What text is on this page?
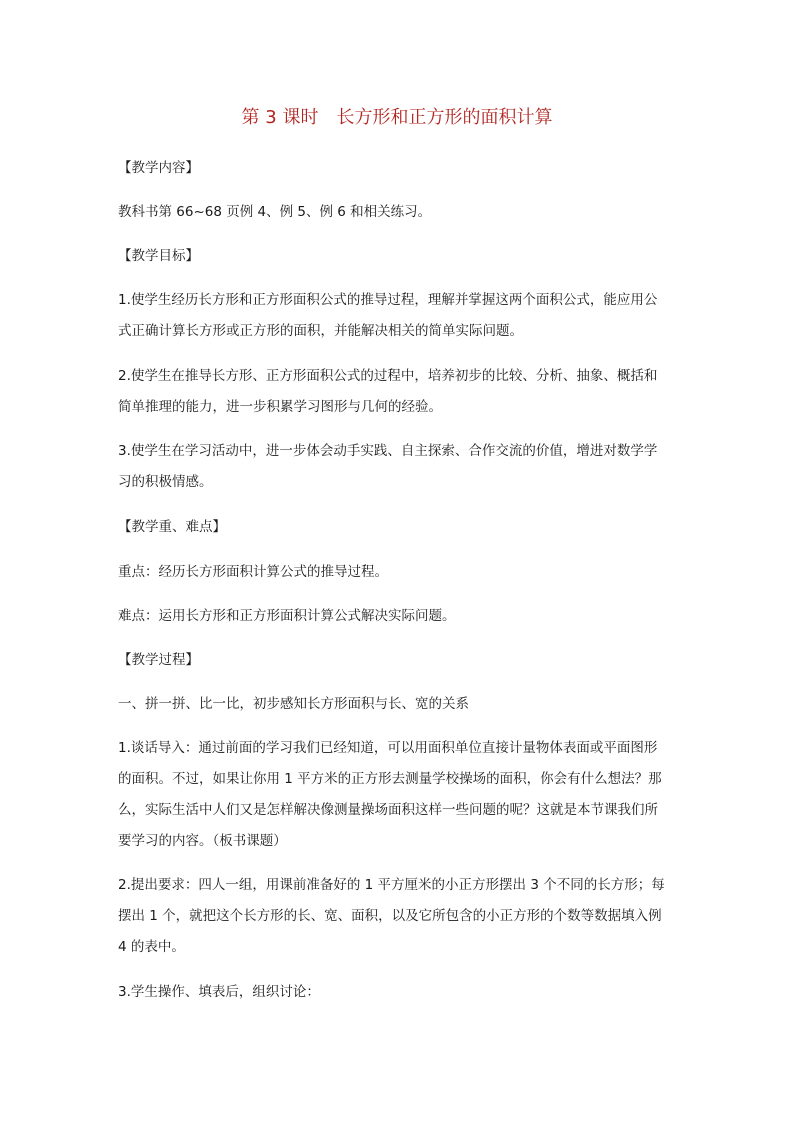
第 3 课时　长方形和正方形的面积计算
【教学内容】
教科书第 66~68 页例 4、例 5、例 6 和相关练习。
【教学目标】
1.使学生经历长方形和正方形面积公式的推导过程，理解并掌握这两个面积公式，能应用公
式正确计算长方形或正方形的面积，并能解决相关的简单实际问题。
2.使学生在推导长方形、正方形面积公式的过程中，培养初步的比较、分析、抽象、概括和
简单推理的能力，进一步积累学习图形与几何的经验。
3.使学生在学习活动中，进一步体会动手实践、自主探索、合作交流的价值，增进对数学学
习的积极情感。
【教学重、难点】
重点：经历长方形面积计算公式的推导过程。
难点：运用长方形和正方形面积计算公式解决实际问题。
【教学过程】
一、拼一拼、比一比，初步感知长方形面积与长、宽的关系
1.谈话导入：通过前面的学习我们已经知道，可以用面积单位直接计量物体表面或平面图形
的面积。不过，如果让你用 1 平方米的正方形去测量学校操场的面积，你会有什么想法？那
么，实际生活中人们又是怎样解决像测量操场面积这样一些问题的呢？这就是本节课我们所
要学习的内容。（板书课题）
2.提出要求：四人一组，用课前准备好的 1 平方厘米的小正方形摆出 3 个不同的长方形；每
摆出 1 个，就把这个长方形的长、宽、面积，以及它所包含的小正方形的个数等数据填入例
4 的表中。
3.学生操作、填表后，组织讨论：
